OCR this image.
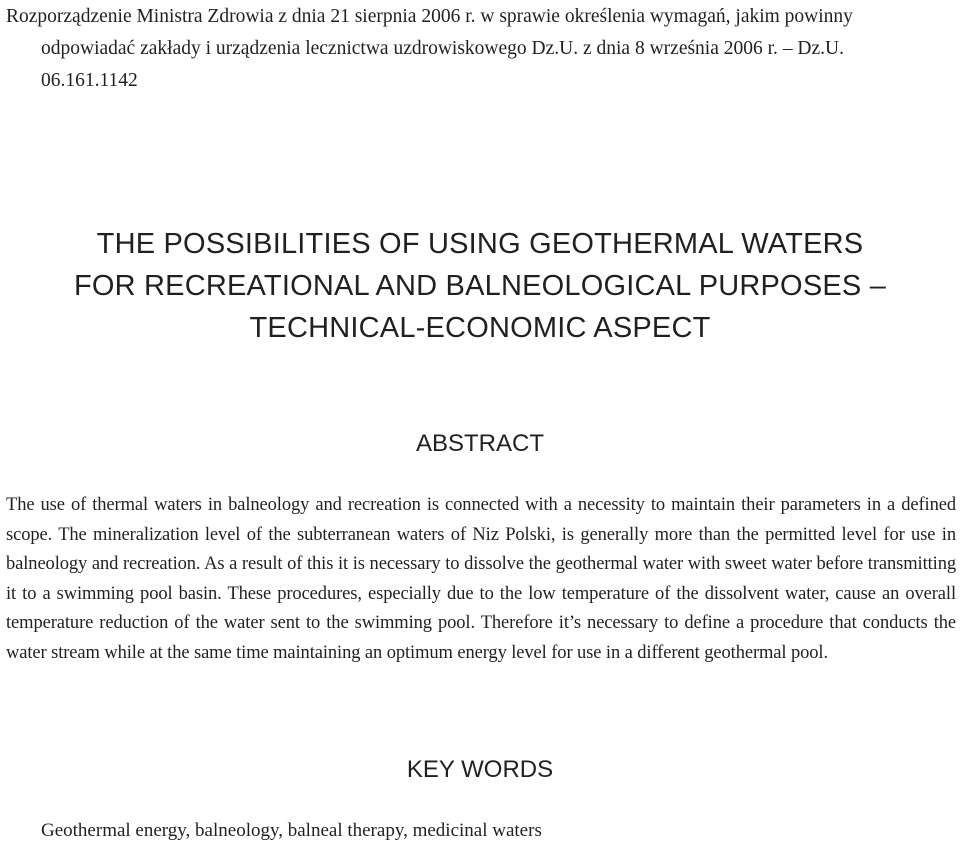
Rozporządzenie Ministra Zdrowia z dnia 21 sierpnia 2006 r. w sprawie określenia wymagań, jakim powinny
odpowiadać zakłady i urządzenia lecznictwa uzdrowiskowego Dz.U. z dnia 8 września 2006 r. – Dz.U.
06.161.1142

THE POSSIBILITIES OF USING GEOTHERMAL WATERS
FOR RECREATIONAL AND BALNEOLOGICAL PURPOSES –
TECHNICAL-ECONOMIC ASPECT
ABSTRACT

The use of thermal waters in balneology and recreation is connected with a necessity to maintain their parameters in a defined scope. The mineralization level of the subterranean waters of Niz Polski, is generally more than the permitted level for use in balneology and recreation. As a result of this it is necessary to dissolve the geothermal water with sweet water before transmitting it to a swimming pool basin. These procedures, especially due to the low temperature of the dissolvent water, cause an overall temperature reduction of the water sent to the swimming pool. Therefore it’s necessary to define a procedure that conducts the water stream while at the same time maintaining an optimum energy level for use in a different geothermal pool.

KEY WORDS

Geothermal energy, balneology, balneal therapy, medicinal waters
